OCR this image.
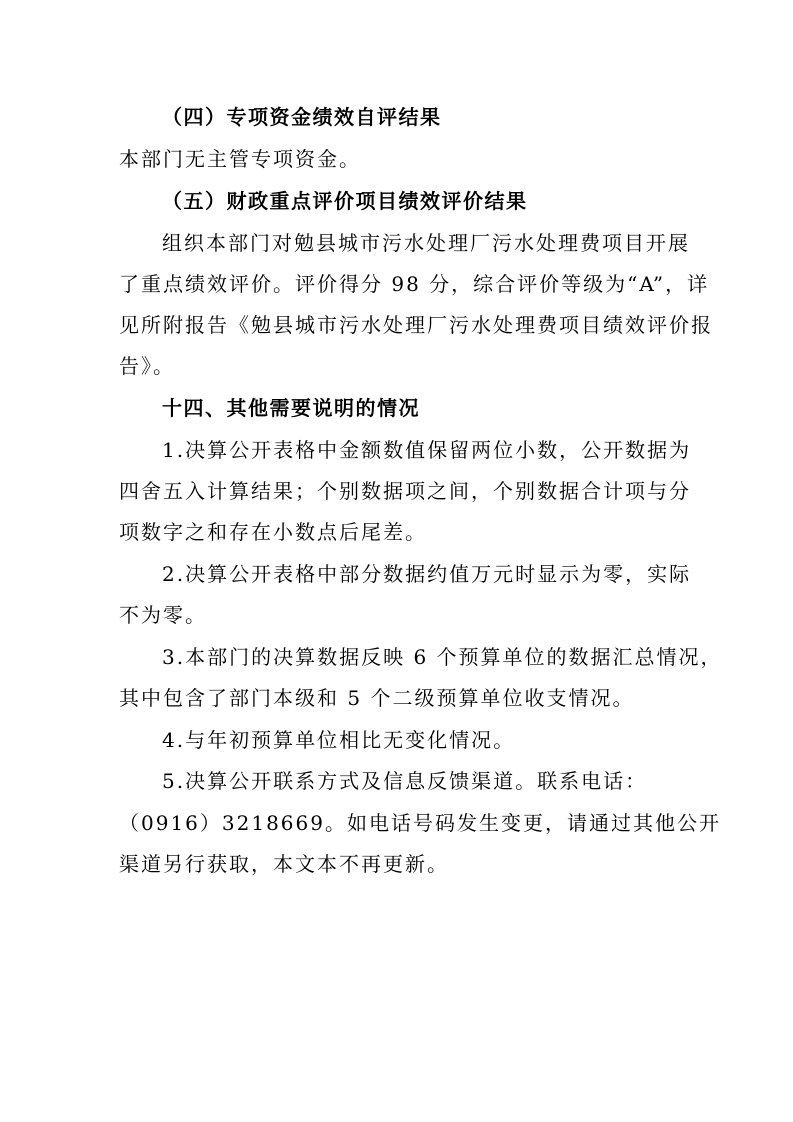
（四）专项资金绩效自评结果
本部门无主管专项资金。
（五）财政重点评价项目绩效评价结果
组织本部门对勉县城市污水处理厂污水处理费项目开展
了重点绩效评价。评价得分 98 分，综合评价等级为“A”，详
见所附报告《勉县城市污水处理厂污水处理费项目绩效评价报
告》。
十四、其他需要说明的情况
1.决算公开表格中金额数值保留两位小数，公开数据为
四舍五入计算结果；个别数据项之间，个别数据合计项与分
项数字之和存在小数点后尾差。
2.决算公开表格中部分数据约值万元时显示为零，实际
不为零。
3.本部门的决算数据反映 6 个预算单位的数据汇总情况，
其中包含了部门本级和 5 个二级预算单位收支情况。
4.与年初预算单位相比无变化情况。
5.决算公开联系方式及信息反馈渠道。联系电话：
（0916）3218669。如电话号码发生变更，请通过其他公开
渠道另行获取，本文本不再更新。
